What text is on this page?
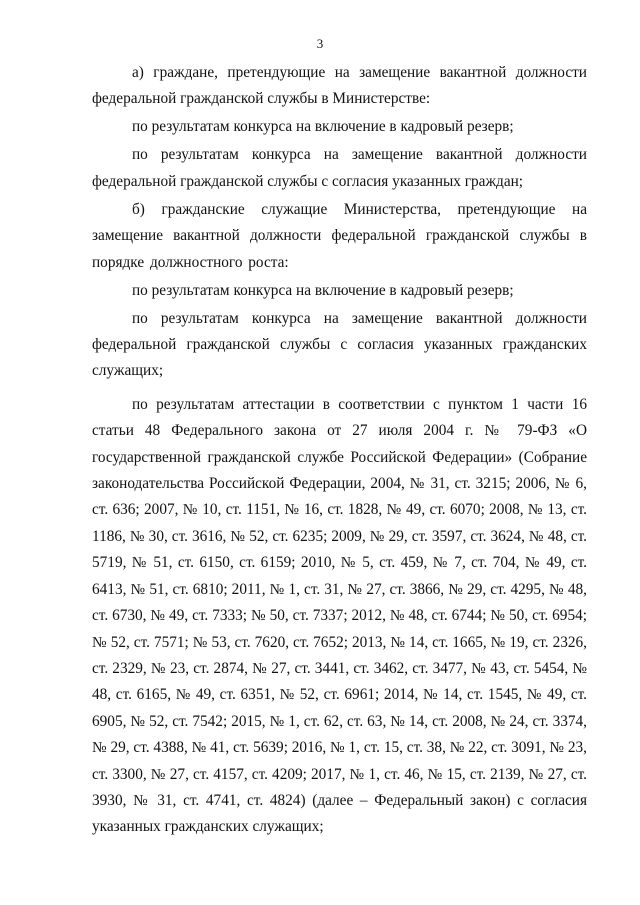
3

а) граждане, претендующие на замещение вакантной должности федеральной гражданской службы в Министерстве:

по результатам конкурса на включение в кадровый резерв;

по результатам конкурса на замещение вакантной должности федеральной гражданской службы с согласия указанных граждан;

б) гражданские служащие Министерства, претендующие на замещение вакантной должности федеральной гражданской службы в порядке должностного роста:

по результатам конкурса на включение в кадровый резерв;

по результатам конкурса на замещение вакантной должности федеральной гражданской службы с согласия указанных гражданских служащих;

по результатам аттестации в соответствии с пунктом 1 части 16 статьи 48 Федерального закона от 27 июля 2004 г. № 79-ФЗ «О государственной гражданской службе Российской Федерации» (Собрание законодательства Российской Федерации, 2004, № 31, ст. 3215; 2006, № 6, ст. 636; 2007, № 10, ст. 1151, № 16, ст. 1828, № 49, ст. 6070; 2008, № 13, ст. 1186, № 30, ст. 3616, № 52, ст. 6235; 2009, № 29, ст. 3597, ст. 3624, № 48, ст. 5719, № 51, ст. 6150, ст. 6159; 2010, № 5, ст. 459, № 7, ст. 704, № 49, ст. 6413, № 51, ст. 6810; 2011, № 1, ст. 31, № 27, ст. 3866, № 29, ст. 4295, № 48, ст. 6730, № 49, ст. 7333; № 50, ст. 7337; 2012, № 48, ст. 6744; № 50, ст. 6954; № 52, ст. 7571; № 53, ст. 7620, ст. 7652; 2013, № 14, ст. 1665, № 19, ст. 2326, ст. 2329, № 23, ст. 2874, № 27, ст. 3441, ст. 3462, ст. 3477, № 43, ст. 5454, № 48, ст. 6165, № 49, ст. 6351, № 52, ст. 6961; 2014, № 14, ст. 1545, № 49, ст. 6905, № 52, ст. 7542; 2015, № 1, ст. 62, ст. 63, № 14, ст. 2008, № 24, ст. 3374, № 29, ст. 4388, № 41, ст. 5639; 2016, № 1, ст. 15, ст. 38, № 22, ст. 3091, № 23, ст. 3300, № 27, ст. 4157, ст. 4209; 2017, № 1, ст. 46, № 15, ст. 2139, № 27, ст. 3930, № 31, ст. 4741, ст. 4824) (далее – Федеральный закон) с согласия указанных гражданских служащих;
